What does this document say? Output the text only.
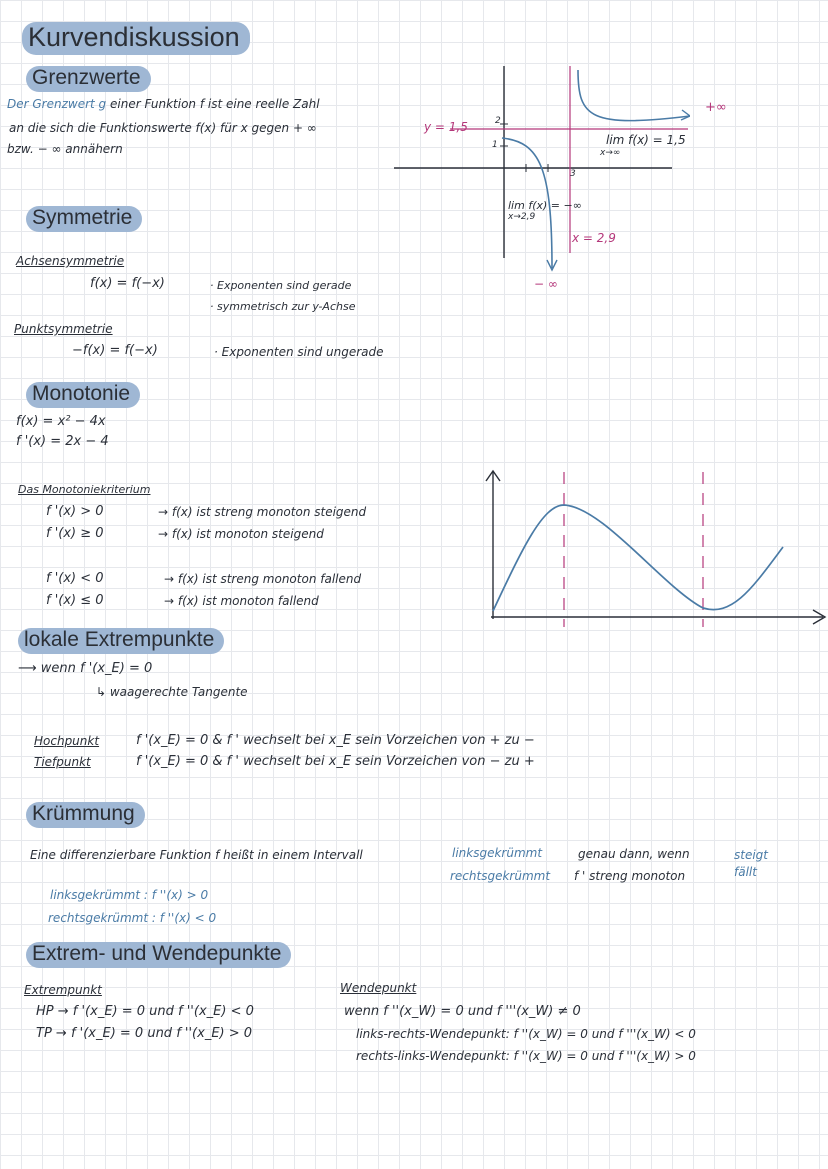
Kurvendiskussion
Grenzwerte
Der Grenzwert g einer Funktion f ist eine reelle Zahl
an die sich die Funktionswerte f(x) für x gegen + ∞
bzw. − ∞ annähern
y = 1,5	2
1
3
x = 2,9
+∞
− ∞
lim f(x) = 1,5
x→∞
lim f(x) = −∞
x→2,9
Symmetrie
Achsensymmetrie
f(x) = f(−x)	· Exponenten sind gerade
· symmetrisch zur y-Achse
Punktsymmetrie
−f(x) = f(−x)	· Exponenten sind ungerade
Monotonie
f(x) = x² − 4x
f '(x) = 2x − 4
Das Monotoniekriterium
f '(x) > 0	→ f(x) ist streng monoton steigend
f '(x) ≥ 0	→ f(x) ist monoton steigend
f '(x) < 0	→ f(x) ist streng monoton fallend
f '(x) ≤ 0	→ f(x) ist monoton fallend
lokale Extrempunkte
⟶ wenn f '(x_E) = 0
↳ waagerechte Tangente
Hochpunkt	f '(x_E) = 0 & f ' wechselt bei x_E sein Vorzeichen von + zu −
Tiefpunkt	f '(x_E) = 0 & f ' wechselt bei x_E sein Vorzeichen von − zu +
Krümmung
Eine differenzierbare Funktion f heißt in einem Intervall	linksgekrümmt
rechtsgekrümmt
genau dann, wenn
f ' streng monoton
steigt
fällt
linksgekrümmt : f ''(x) > 0
rechtsgekrümmt : f ''(x) < 0
Extrem- und Wendepunkte
Extrempunkt
HP → f '(x_E) = 0 und f ''(x_E) < 0
TP → f '(x_E) = 0 und f ''(x_E) > 0
Wendepunkt
wenn f ''(x_W) = 0 und f '''(x_W) ≠ 0
links-rechts-Wendepunkt: f ''(x_W) = 0 und f '''(x_W) < 0
rechts-links-Wendepunkt: f ''(x_W) = 0 und f '''(x_W) > 0
